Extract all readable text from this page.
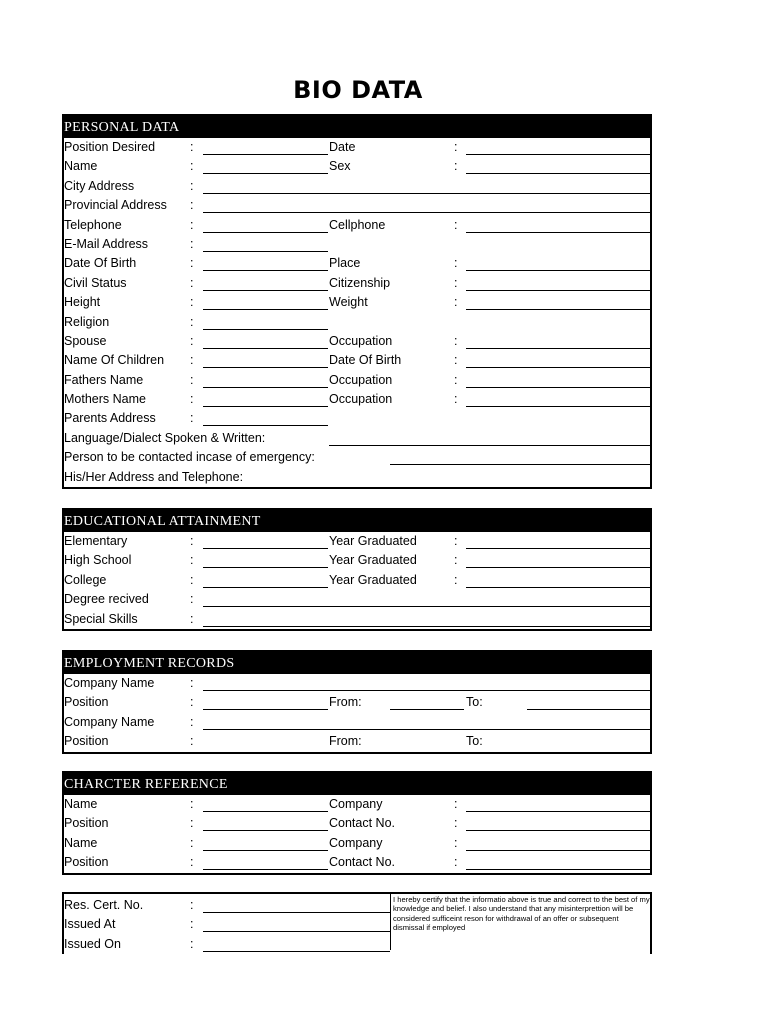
BIO DATA
PERSONAL DATA
Position Desired	:	Date	:
Name	:	Sex	:
City Address	:
Provincial Address :
Telephone	:	Cellphone	:
E-Mail Address	:
Date Of Birth	:	Place	:
Civil Status	:	Citizenship	:
Height	:	Weight	:
Religion	:
Spouse	:	Occupation	:
Name Of Children :	Date Of Birth	:
Fathers Name	:	Occupation	:
Mothers Name	:	Occupation	:
Parents Address	:
Language/Dialect Spoken & Written:
Person to be contacted incase of emergency:
His/Her Address and Telephone:
EDUCATIONAL ATTAINMENT
Elementary	:	Year Graduated	:
High School	:	Year Graduated	:
College	:	Year Graduated	:
Degree recived	:
Special Skills	:
EMPLOYMENT RECORDS
Company Name	:
Position	:	From:	To:
Company Name	:
Position	:	From:	To:
CHARCTER REFERENCE
Name	:	Company	:
Position	:	Contact No.	:
Name	:	Company	:
Position	:	Contact No.	:
Res. Cert. No.	:
Issued At	:
Issued On	:
I hereby certify that the informatio above is true and correct to the best of my knowledge and belief. I also understand that any misinterprettion will be considered sufficeint reson for withdrawal of an offer or subsequent dismissal if employed
